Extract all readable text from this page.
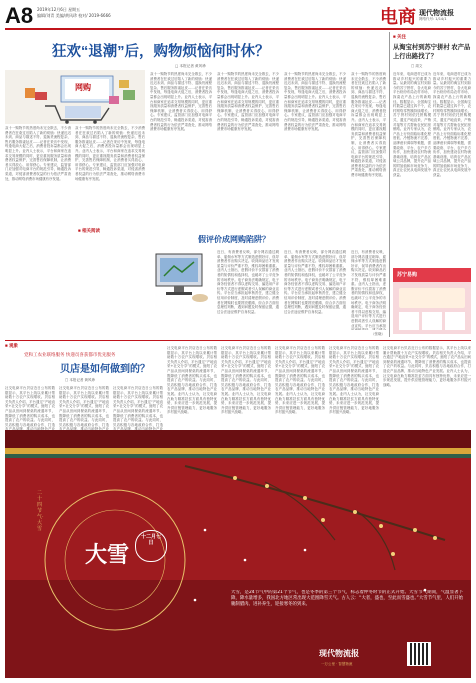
A8 2019年12月6日 星期五
编辑/刘青 美编/黄风珍 校对/ 2019-6666	电商 现代物流报
网络代号: 1/14/1
狂欢“退潮”后，购物烦恼何时休？
□ 本报记者 黄风珍
网购
双十一购物节的热度尚未完全散去，不少消费者在狂欢过后陷入了新的烦恼：快递迟迟未到、商品与描述不符、退换货流程复杂、售后服务推诿扯皮……记者在采访中发现，每逢电商大促之后，消费者投诉量都会出现明显上升。业内人士表示，平台和商家在追求交易规模的同时，更应重视服务质量和消费者权益保护，完善售后保障机制，让消费者买得放心、用得舒心。专家建议，监管部门应加强对电商平台的规范引导，畅通投诉渠道，对侵害消费者权益的行为依法严肃查处，推动网络消费市场健康有序发展。
双十一购物节的热度尚未完全散去，不少消费者在狂欢过后陷入了新的烦恼：快递迟迟未到、商品与描述不符、退换货流程复杂、售后服务推诿扯皮……记者在采访中发现，每逢电商大促之后，消费者投诉量都会出现明显上升。业内人士表示，平台和商家在追求交易规模的同时，更应重视服务质量和消费者权益保护，完善售后保障机制，让消费者买得放心、用得舒心。专家建议，监管部门应加强对电商平台的规范引导，畅通投诉渠道，对侵害消费者权益的行为依法严肃查处，推动网络消费市场健康有序发展。
双十一购物节的热度尚未完全散去，不少消费者在狂欢过后陷入了新的烦恼：快递迟迟未到、商品与描述不符、退换货流程复杂、售后服务推诿扯皮……记者在采访中发现，每逢电商大促之后，消费者投诉量都会出现明显上升。业内人士表示，平台和商家在追求交易规模的同时，更应重视服务质量和消费者权益保护，完善售后保障机制，让消费者买得放心、用得舒心。专家建议，监管部门应加强对电商平台的规范引导，畅通投诉渠道，对侵害消费者权益的行为依法严肃查处，推动网络消费市场健康有序发展。
双十一购物节的热度尚未完全散去，不少消费者在狂欢过后陷入了新的烦恼：快递迟迟未到、商品与描述不符、退换货流程复杂、售后服务推诿扯皮……记者在采访中发现，每逢电商大促之后，消费者投诉量都会出现明显上升。业内人士表示，平台和商家在追求交易规模的同时，更应重视服务质量和消费者权益保护，完善售后保障机制，让消费者买得放心、用得舒心。专家建议，监管部门应加强对电商平台的规范引导，畅通投诉渠道，对侵害消费者权益的行为依法严肃查处，推动网络消费市场健康有序发展。
双十一购物节的热度尚未完全散去，不少消费者在狂欢过后陷入了新的烦恼：快递迟迟未到、商品与描述不符、退换货流程复杂、售后服务推诿扯皮……记者在采访中发现，每逢电商大促之后，消费者投诉量都会出现明显上升。业内人士表示，平台和商家在追求交易规模的同时，更应重视服务质量和消费者权益保护，完善售后保障机制，让消费者买得放心、用得舒心。专家建议，监管部门应加强对电商平台的规范引导，畅通投诉渠道，对侵害消费者权益的行为依法严肃查处，推动网络消费市场健康有序发展。
双十一购物节的热度尚未完全散去，不少消费者在狂欢过后陷入了新的烦恼：快递迟迟未到、商品与描述不符、退换货流程复杂、售后服务推诿扯皮……记者在采访中发现，每逢电商大促之后，消费者投诉量都会出现明显上升。业内人士表示，平台和商家在追求交易规模的同时，更应重视服务质量和消费者权益保护，完善售后保障机制，让消费者买得放心、用得舒心。专家建议，监管部门应加强对电商平台的规范引导，畅通投诉渠道，对侵害消费者权益的行为依法严肃查处，推动网络消费市场健康有序发展。
■ 相关阅读
假评价成网购陷阱？
近日，有消费者反映，部分网店通过刷单、雇佣水军等方式制造虚假好评，误导消费者作出购买决定。收到商品后才发现质量与评价严重不符，维权却困难重重。业内人士指出，虚假评价不仅损害了消费者的知情权和选择权，也破坏了公平竞争的市场秩序。电子商务法明确规定，电子商务经营者不得以虚构交易、编造用户评价等方式进行虚假或者引人误解的商业宣传。平台应当承担起审核责任，建立健全信用评价制度，及时清理虚假评价。消费者在网购时也要擦亮眼睛，综合多方面信息理性判断，遇到问题及时保留证据，通过合法途径维护自身权益。
近日，有消费者反映，部分网店通过刷单、雇佣水军等方式制造虚假好评，误导消费者作出购买决定。收到商品后才发现质量与评价严重不符，维权却困难重重。业内人士指出，虚假评价不仅损害了消费者的知情权和选择权，也破坏了公平竞争的市场秩序。电子商务法明确规定，电子商务经营者不得以虚构交易、编造用户评价等方式进行虚假或者引人误解的商业宣传。平台应当承担起审核责任，建立健全信用评价制度，及时清理虚假评价。消费者在网购时也要擦亮眼睛，综合多方面信息理性判断，遇到问题及时保留证据，通过合法途径维护自身权益。
近日，有消费者反映，部分网店通过刷单、雇佣水军等方式制造虚假好评，误导消费者作出购买决定。收到商品后才发现质量与评价严重不符，维权却困难重重。业内人士指出，虚假评价不仅损害了消费者的知情权和选择权，也破坏了公平竞争的市场秩序。电子商务法明确规定，电子商务经营者不得以虚构交易、编造用户评价等方式进行虚假或者引人误解的商业宣传。平台应当承担
（张晓）
■ 关注
从淘宝村到苏宁拼村 农产品上行出路找了？
□ 周文
近年来，电商进村已成为推动乡村振兴的重要力量。从最初的淘宝村到如今的苏宁拼村，各大电商平台纷纷布局农村市场，探索农产品上行的新路径。数据显示，全国淘宝村数量已超过四千个，农村网络零售额持续增长。苏宁拼村则依托拼购模式，通过产地直采、产销对接等方式帮助农民拓宽销路。业内专家认为，农产品上行仍面临标准化程度低、冷链物流不完善、品牌意识薄弱等难题，需要政府、平台、农户多方协作，加快建设农村物流基础设施，培育农产品区域公共品牌，提升农产品的附加值和市场竞争力，真正让农民从电商发展中获益。
近年来，电商进村已成为推动乡村振兴的重要力量。从最初的淘宝村到如今的苏宁拼村，各大电商平台纷纷布局农村市场，探索农产品上行的新路径。数据显示，全国淘宝村数量已超过四千个，农村网络零售额持续增长。苏宁拼村则依托拼购模式，通过产地直采、产销对接等方式帮助农民拓宽销路。业内专家认为，农产品上行仍面临标准化程度低、冷链物流不完善、品牌意识薄弱等难题，需要政府、平台、农户多方协作，加快建设农村物流基础设施，培育农产品区域公共品牌，提升农产品的附加值和市场竞争力，真正让农民从电商发展中获益。
苏宁易购
■ 观象
党和工农业联络服务 快递员喜获都市优先服务
贝店是如何做到的？
□ 本报记者 黄风珍
社交电商平台贝店近日公布的数据显示，其平台上线以来累计帮助数十万农户实现增收。贝店相关负责人介绍，平台通过“产地直采+社交分享”的模式，缩短了农产品从田间到餐桌的流通环节，既降低了消费者的购买成本，也提高了农户的收益。与此同时，贝店积极与各地政府合作，打造
社交电商平台贝店近日公布的数据显示，其平台上线以来累计帮助数十万农户实现增收。贝店相关负责人介绍，平台通过“产地直采+社交分享”的模式，缩短了农产品从田间到餐桌的流通环节，既降低了消费者的购买成本，也提高了农户的收益。与此同时，贝店积极与各地政府合作，打造
社交电商平台贝店近日公布的数据显示，其平台上线以来累计帮助数十万农户实现增收。贝店相关负责人介绍，平台通过“产地直采+社交分享”的模式，缩短了农产品从田间到餐桌的流通环节，既降低了消费者的购买成本，也提高了农户的收益。与此同时，贝店积极与各地政府合作，打造
社交电商平台贝店近日公布的数据显示，其平台上线以来累计帮助数十万农户实现增收。贝店相关负责人介绍，平台通过“产地直采+社交分享”的模式，缩短了农产品从田间到餐桌的流通环节，既降低了消费者的购买成本，也提高了农户的收益。与此同时，贝店积极与各地政府合作，打造农产品品牌，推动当地特色产业发展。业内人士认为，社交电商在助力精准扶贫方面具有独特优势，未来应进一步规范发展，提升供应链管理能力，更好地服务乡村振兴战略。
社交电商平台贝店近日公布的数据显示，其平台上线以来累计帮助数十万农户实现增收。贝店相关负责人介绍，平台通过“产地直采+社交分享”的模式，缩短了农产品从田间到餐桌的流通环节，既降低了消费者的购买成本，也提高了农户的收益。与此同时，贝店积极与各地政府合作，打造农产品品牌，推动当地特色产业发展。业内人士认为，社交电商在助力精准扶贫方面具有独特优势，未来应进一步规范发展，提升供应链管理能力，更好地服务乡村振兴战略。
社交电商平台贝店近日公布的数据显示，其平台上线以来累计帮助数十万农户实现增收。贝店相关负责人介绍，平台通过“产地直采+社交分享”的模式，缩短了农产品从田间到餐桌的流通环节，既降低了消费者的购买成本，也提高了农户的收益。与此同时，贝店积极与各地政府合作，打造农产品品牌，推动当地特色产业发展。业内人士认为，社交电商在助力精准扶贫方面具有独特优势，未来应进一步规范发展，提升供应链管理能力，更好地服务乡村振兴战略。
社交电商平台贝店近日公布的数据显示，其平台上线以来累计帮助数十万农户实现增收。贝店相关负责人介绍，平台通过“产地直采+社交分享”的模式，缩短了农产品从田间到餐桌的流通环节，既降低了消费者的购买成本，也提高了农户的收益。与此同时，贝店积极与各地政府合作，打造农产品品牌，推动当地特色产业发展。业内人士认为，社交电商在助力精准扶贫方面具有独特优势，未来应进一步规范发展，提升供应链管理能力，更好地服务乡村振兴战略。
社交电商平台贝店近日公布的数据显示，其平台上线以来累计帮助数十万农户实现增收。贝店相关负责人介绍，平台通过“产地直采+社交分享”的模式，缩短了农产品从田间到餐桌的流通环节，既降低了消费者的购买成本，也提高了农户的收益。与此同时，贝店积极与各地政府合作，打造农产品品牌，推动当地特色产业发展。业内人士认为，社交电商在助力精准扶贫方面具有独特优势，未来应进一步规范发展，提升供应链管理能力，更好地服务乡村振兴战略。
二十四节气·大雪
大雪
十二月七日
大雪，是24节气中的第21个节气，也是冬季的第三个节气，标志着仲冬时节的正式开始。大雪节气期间，气温显著下降，降水量增多，我国北方地区常出现大范围降雪天气。古人云：“大者，盛也，至此而雪盛也。”大雪节气里，人们开始腌制腊肉、进补养生，迎接寒冬的到来。
现代物流报
一万公里 · 智慧物流
